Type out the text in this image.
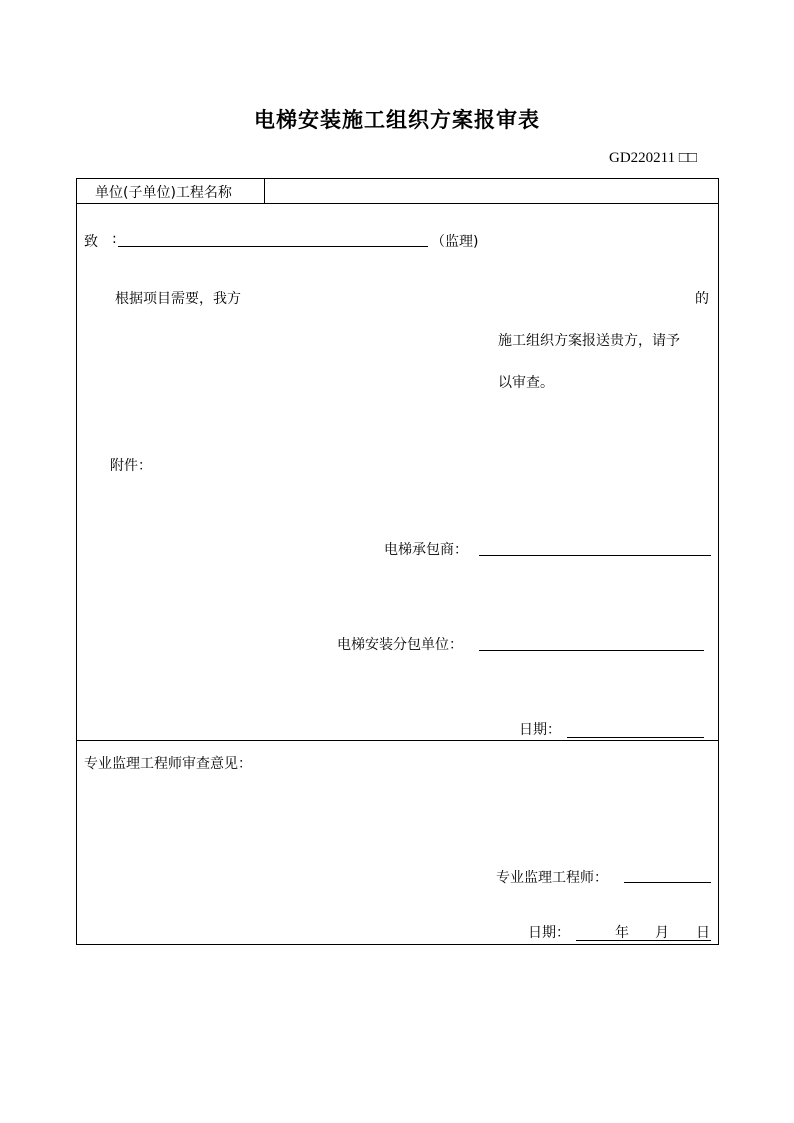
电梯安装施工组织方案报审表
GD220211 □□
单位(子单位)工程名称
致 :	（监理)
根据项目需要，我方	的
施工组织方案报送贵方，请予
以审查。
附件：
电梯承包商：
电梯安装分包单位：
日期：
专业监理工程师审查意见：
专业监理工程师：
日期：	年 月 日
